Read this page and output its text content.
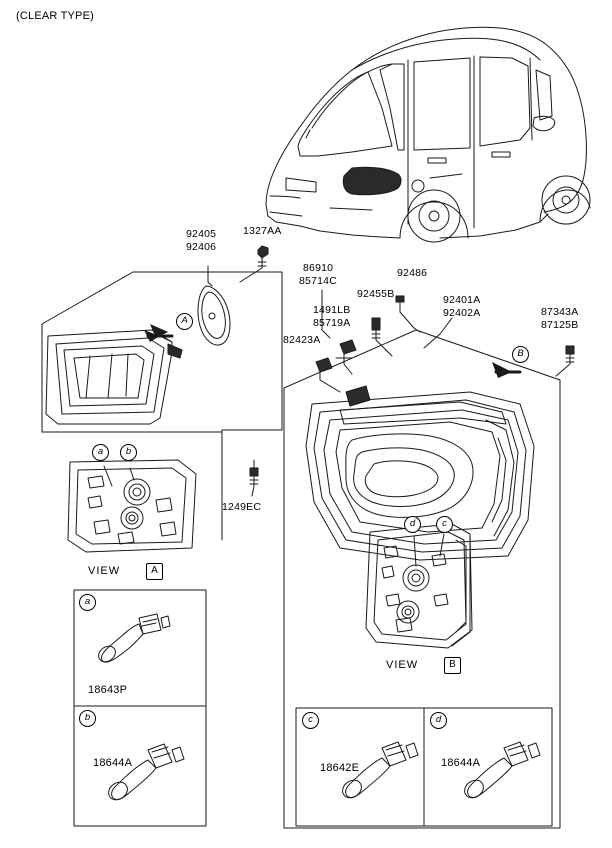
(CLEAR TYPE)
92405
92406
1327AA
86910
85714C
92455B
92486
1491LB
85719A
82423A
92401A
92402A	87343A
87125B
1249EC
18643P
18644A	18642E	18644A
VIEW	A
VIEW	B
A
B
a	b
c
d
a
b	c	d
